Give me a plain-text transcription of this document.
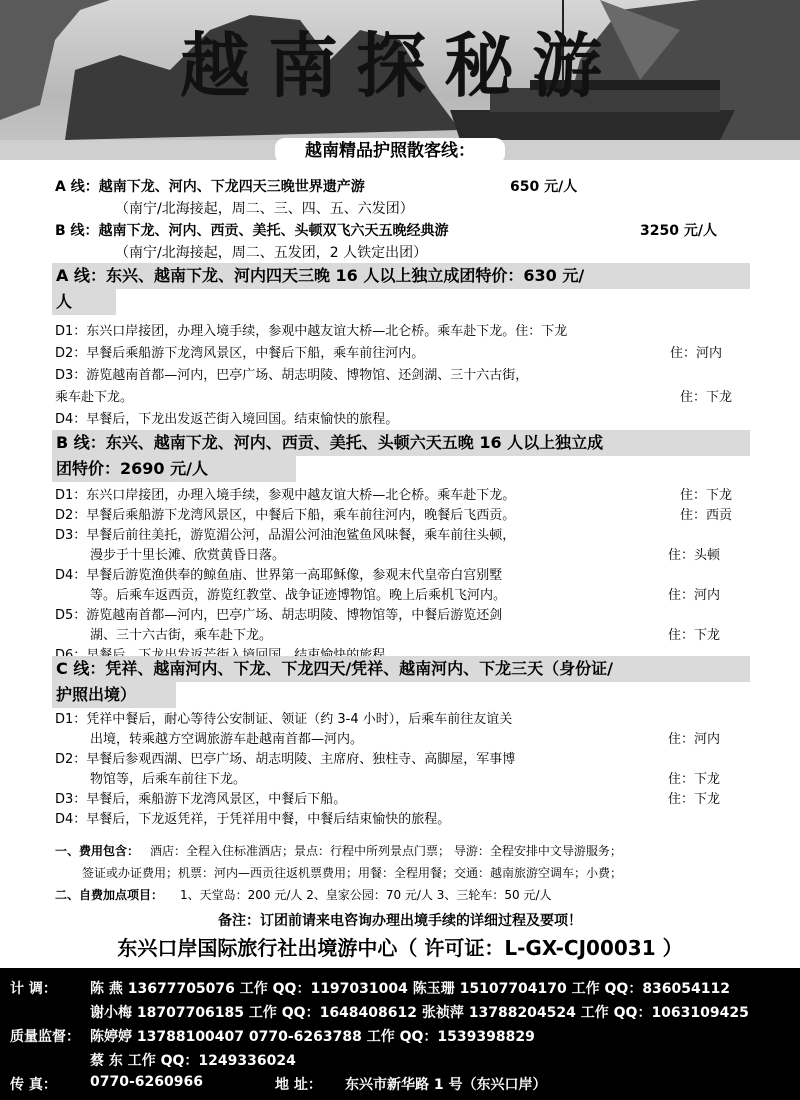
越南探秘游
越南精品护照散客线：
A 线：越南下龙、河内、下龙四天三晚世界遗产游	650 元/人
（南宁/北海接起，周二、三、四、五、六发团）
B 线：越南下龙、河内、西贡、美托、头顿双飞六天五晚经典游	3250 元/人
（南宁/北海接起，周二、五发团，2 人铁定出团）
A 线：东兴、越南下龙、河内四天三晚 16 人以上独立成团特价：630 元/
人
D1：东兴口岸接团，办理入境手续，参观中越友谊大桥—北仑桥。乘车赴下龙。住：下龙
D2：早餐后乘船游下龙湾风景区，中餐后下船，乘车前往河内。	住：河内
D3：游览越南首都—河内，巴亭广场、胡志明陵、博物馆、还剑湖、三十六古街，
乘车赴下龙。	住：下龙
D4：早餐后，下龙出发返芒街入境回国。结束愉快的旅程。
B 线：东兴、越南下龙、河内、西贡、美托、头顿六天五晚 16 人以上独立成
团特价：2690 元/人
D1：东兴口岸接团，办理入境手续，参观中越友谊大桥—北仑桥。乘车赴下龙。	住：下龙
D2：早餐后乘船游下龙湾风景区，中餐后下船，乘车前往河内，晚餐后飞西贡。	住：西贡
D3：早餐后前往美托，游览湄公河，品湄公河油泡鲨鱼风味餐，乘车前往头顿，
漫步于十里长滩、欣赏黄昏日落。	住：头顿
D4：早餐后游览渔供奉的鲸鱼庙、世界第一高耶稣像，参观末代皇帝白宫别墅
等。后乘车返西贡，游览红教堂、战争证迹博物馆。晚上后乘机飞河内。	住：河内
D5：游览越南首都—河内，巴亭广场、胡志明陵、博物馆等，中餐后游览还剑
湖、三十六古街，乘车赴下龙。	住：下龙
C 线：凭祥、越南河内、下龙、下龙四天/凭祥、越南河内、下龙三天（身份证/
护照出境）
D1：凭祥中餐后，耐心等待公安制证、领证（约 3-4 小时），后乘车前往友谊关
出境，转乘越方空调旅游车赴越南首都—河内。	住：河内
D2：早餐后参观西湖、巴亭广场、胡志明陵、主席府、独柱寺、高脚屋，军事博
物馆等，后乘车前往下龙。	住：下龙
D3：早餐后，乘船游下龙湾风景区，中餐后下船。	住：下龙
D4：早餐后，下龙返凭祥，于凭祥用中餐，中餐后结束愉快的旅程。
一、费用包含： 酒店：全程入住标准酒店；景点：行程中所列景点门票； 导游：全程安排中文导游服务；
签证或办证费用；机票：河内—西贡往返机票费用；用餐：全程用餐；交通：越南旅游空调车；小费；
二、自费加点项目： 1、天堂岛：200 元/人 2、皇家公园：70 元/人 3、三轮车：50 元/人
备注：订团前请来电咨询办理出境手续的详细过程及要项！
东兴口岸国际旅行社出境游中心（ 许可证：L-GX-CJ00031 ）
计 调： 陈 燕 13677705076 工作 QQ：1197031004 陈玉珊 15107704170 工作 QQ：836054112
谢小梅 18707706185 工作 QQ：1648408612 张祯萍 13788204524 工作 QQ：1063109425
质量监督： 陈婷婷 13788100407 0770-6263788 工作 QQ：1539398829
蔡 东 工作 QQ：1249336024
传 真： 0770-6260966	地 址： 东兴市新华路 1 号（东兴口岸）
